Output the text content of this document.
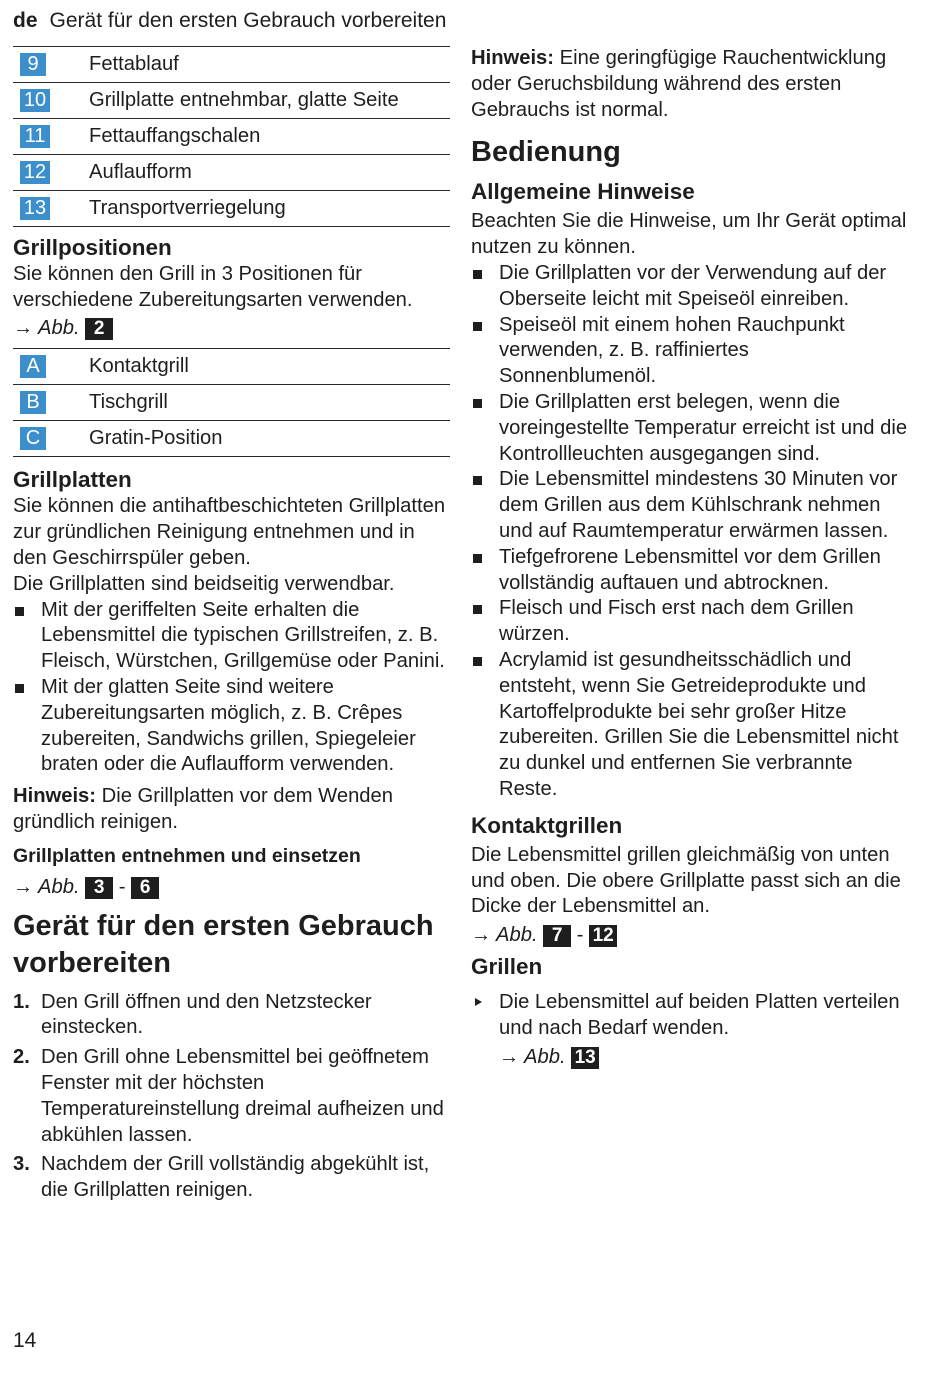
de Gerät für den ersten Gebrauch vorbereiten
9	Fettablauf
10	Grillplatte entnehmbar, glatte Seite
11	Fettauffangschalen
12	Auflaufform
13	Transportverriegelung
Grillpositionen

Sie können den Grill in 3 Positionen für verschiedene Zubereitungsarten verwenden.

→ Abb. 2

A	Kontaktgrill
B	Tischgrill
C	Gratin-Position
Grillplatten

Sie können die antihaftbeschichteten Grillplatten zur gründlichen Reinigung entnehmen und in den Geschirrspüler geben.

Die Grillplatten sind beidseitig verwendbar.

Mit der geriffelten Seite erhalten die Lebensmittel die typischen Grillstreifen, z. B. Fleisch, Würstchen, Grillgemüse oder Panini.
Mit der glatten Seite sind weitere Zubereitungsarten möglich, z. B. Crêpes zubereiten, Sandwichs grillen, Spiegeleier braten oder die Auflaufform verwenden.

Hinweis: Die Grillplatten vor dem Wenden gründlich reinigen.

Grillplatten entnehmen und einsetzen

→ Abb. 3 - 6

Gerät für den ersten Gebrauch
vorbereiten
1. Den Grill öffnen und den Netzstecker einstecken.
2. Den Grill ohne Lebensmittel bei geöffnetem Fenster mit der höchsten Temperatureinstellung dreimal aufheizen und abkühlen lassen.
3. Nachdem der Grill vollständig abgekühlt ist, die Grillplatten reinigen.

Hinweis: Eine geringfügige Rauchentwicklung oder Geruchsbildung während des ersten Gebrauchs ist normal.

Bedienung
Allgemeine Hinweise

Beachten Sie die Hinweise, um Ihr Gerät optimal nutzen zu können.

Die Grillplatten vor der Verwendung auf der Oberseite leicht mit Speiseöl einreiben.
Speiseöl mit einem hohen Rauchpunkt verwenden, z. B. raffiniertes Sonnenblumenöl.
Die Grillplatten erst belegen, wenn die voreingestellte Temperatur erreicht ist und die Kontrollleuchten ausgegangen sind.
Die Lebensmittel mindestens 30 Minuten vor dem Grillen aus dem Kühlschrank nehmen und auf Raumtemperatur erwärmen lassen.
Tiefgefrorene Lebensmittel vor dem Grillen vollständig auftauen und abtrocknen.
Fleisch und Fisch erst nach dem Grillen würzen.
Acrylamid ist gesundheitsschädlich und entsteht, wenn Sie Getreideprodukte und Kartoffelprodukte bei sehr großer Hitze zubereiten. Grillen Sie die Lebensmittel nicht zu dunkel und entfernen Sie verbrannte Reste.
Kontaktgrillen

Die Lebensmittel grillen gleichmäßig von unten und oben. Die obere Grillplatte passt sich an die Dicke der Lebensmittel an.

→ Abb. 7 - 12

Grillen
Die Lebensmittel auf beiden Platten verteilen und nach Bedarf wenden.
→ Abb. 13
14
